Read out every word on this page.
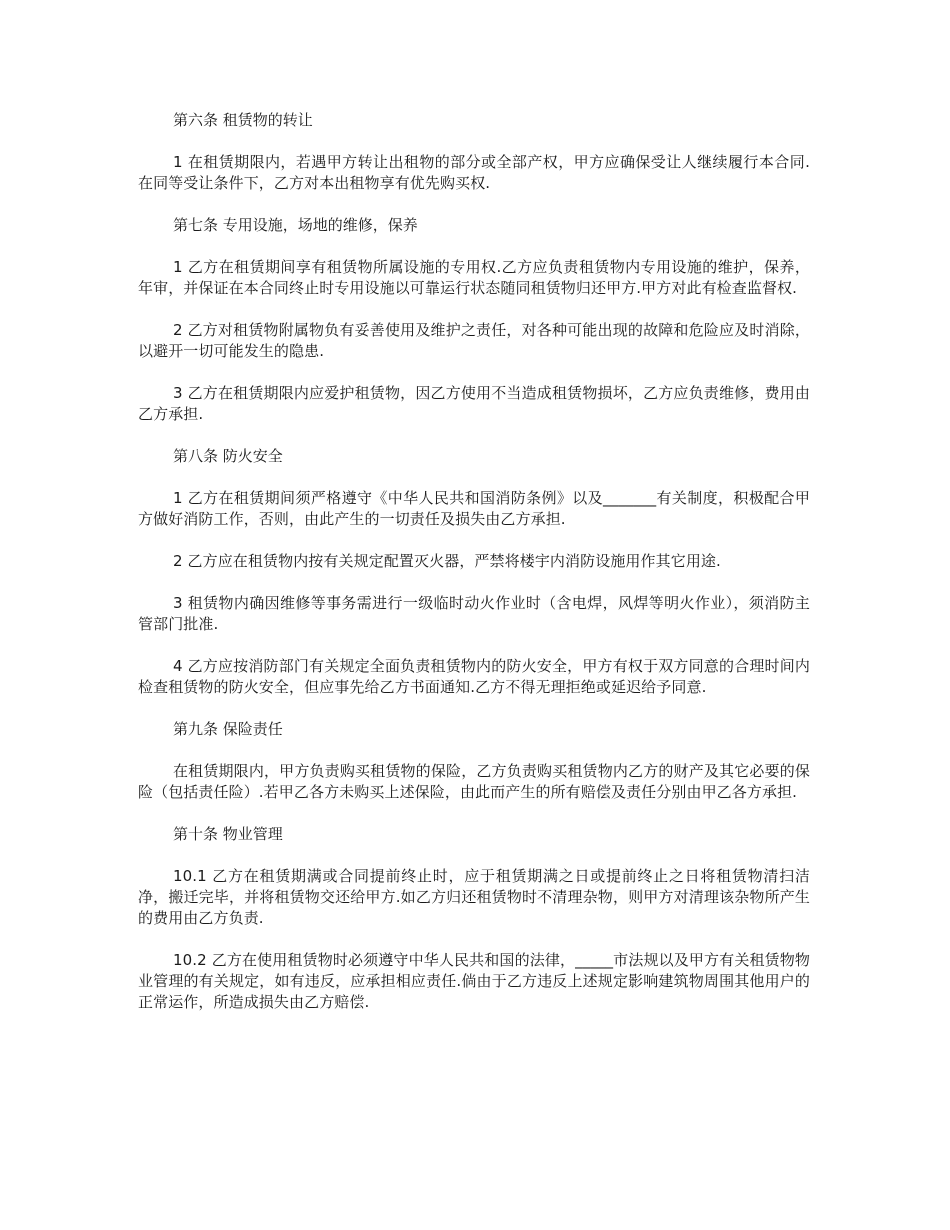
第六条 租赁物的转让

1 在租赁期限内，若遇甲方转让出租物的部分或全部产权，甲方应确保受让人继续履行本合同.在同等受让条件下，乙方对本出租物享有优先购买权.

第七条 专用设施，场地的维修，保养

1 乙方在租赁期间享有租赁物所属设施的专用权.乙方应负责租赁物内专用设施的维护，保养，年审，并保证在本合同终止时专用设施以可靠运行状态随同租赁物归还甲方.甲方对此有检查监督权.

2 乙方对租赁物附属物负有妥善使用及维护之责任，对各种可能出现的故障和危险应及时消除，以避开一切可能发生的隐患.

3 乙方在租赁期限内应爱护租赁物，因乙方使用不当造成租赁物损坏，乙方应负责维修，费用由乙方承担.

第八条 防火安全

1 乙方在租赁期间须严格遵守《中华人民共和国消防条例》以及_______有关制度，积极配合甲方做好消防工作，否则，由此产生的一切责任及损失由乙方承担.

2 乙方应在租赁物内按有关规定配置灭火器，严禁将楼宇内消防设施用作其它用途.

3 租赁物内确因维修等事务需进行一级临时动火作业时（含电焊，风焊等明火作业），须消防主管部门批准.

4 乙方应按消防部门有关规定全面负责租赁物内的防火安全，甲方有权于双方同意的合理时间内检查租赁物的防火安全，但应事先给乙方书面通知.乙方不得无理拒绝或延迟给予同意.

第九条 保险责任

在租赁期限内，甲方负责购买租赁物的保险，乙方负责购买租赁物内乙方的财产及其它必要的保险（包括责任险）.若甲乙各方未购买上述保险，由此而产生的所有赔偿及责任分别由甲乙各方承担.

第十条 物业管理

10.1 乙方在租赁期满或合同提前终止时，应于租赁期满之日或提前终止之日将租赁物清扫洁净，搬迁完毕，并将租赁物交还给甲方.如乙方归还租赁物时不清理杂物，则甲方对清理该杂物所产生的费用由乙方负责.

10.2 乙方在使用租赁物时必须遵守中华人民共和国的法律，_____市法规以及甲方有关租赁物物业管理的有关规定，如有违反，应承担相应责任.倘由于乙方违反上述规定影响建筑物周围其他用户的正常运作，所造成损失由乙方赔偿.
